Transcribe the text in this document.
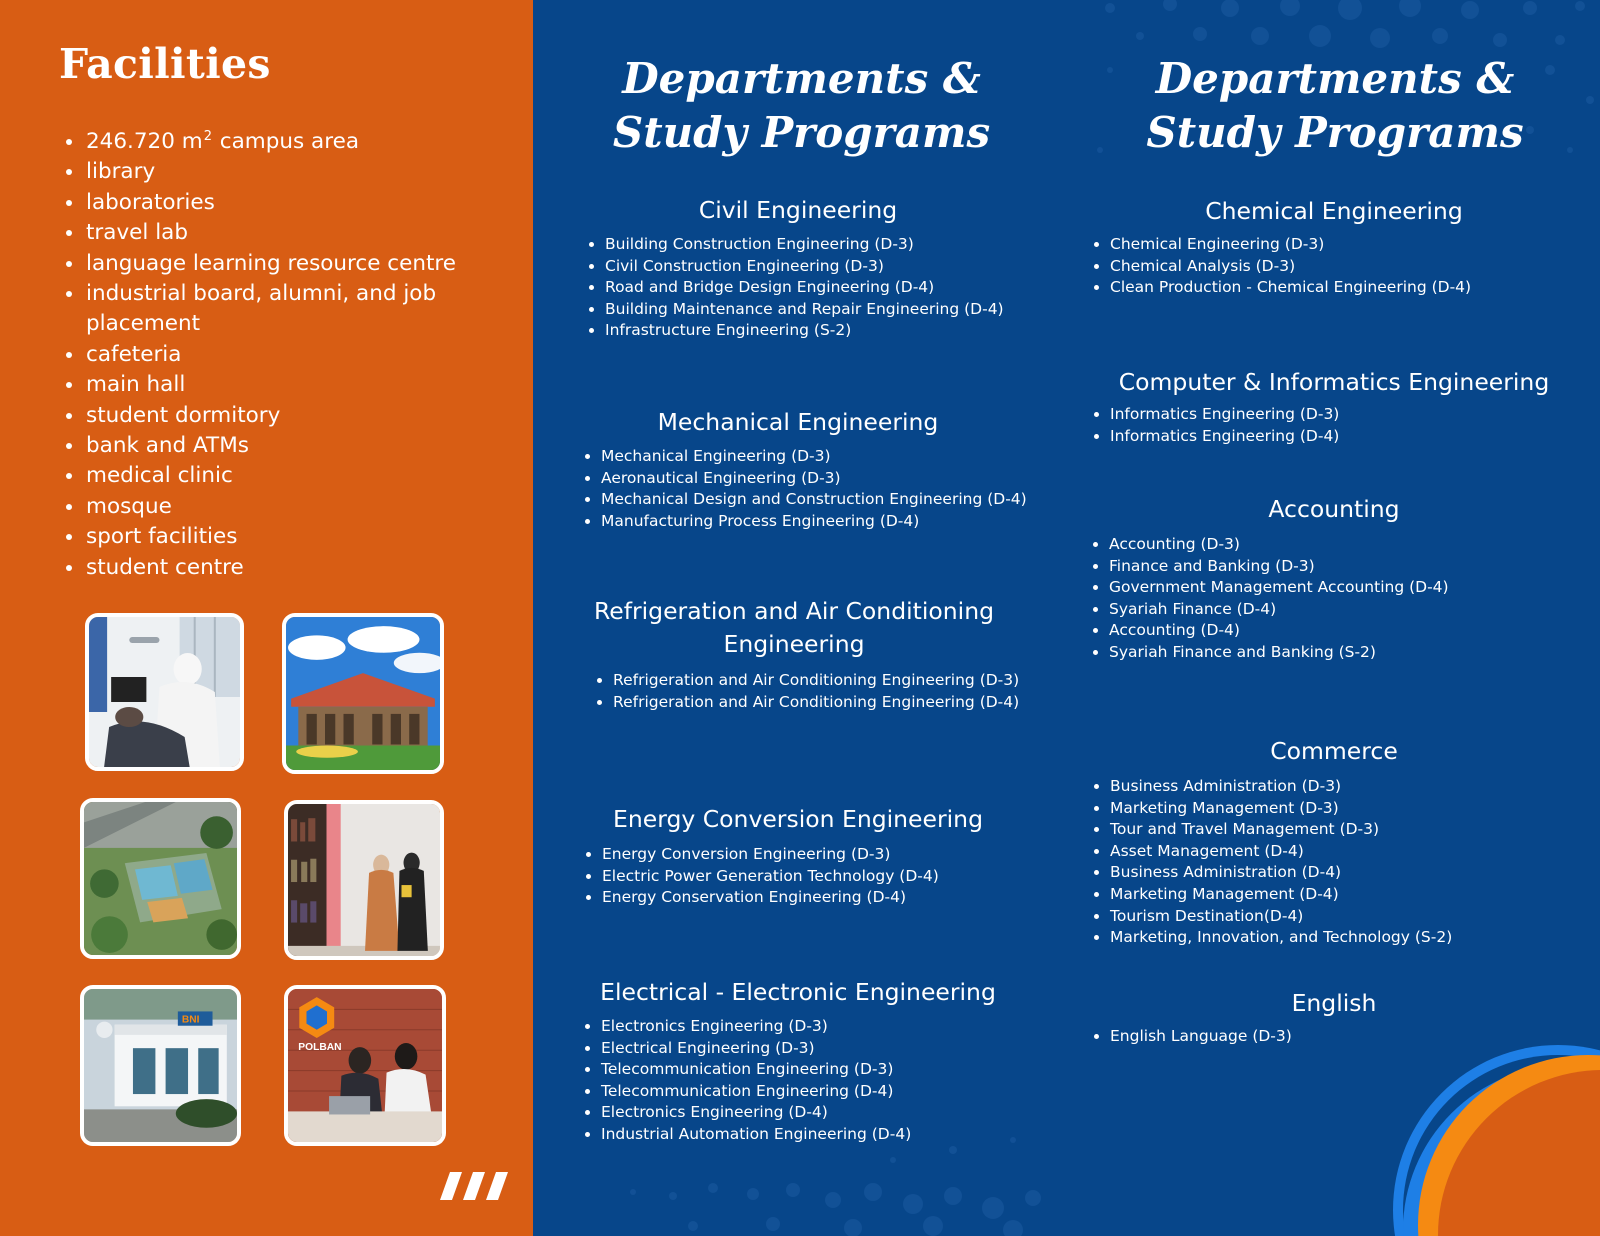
Facilities
• 246.720 $m^2$ campus area
• library
• laboratories
• travel lab
• language learning resource centre
• industrial board, alumni, and job placement
• cafeteria
• main hall
• student dormitory
• bank and ATMs
• medical clinic
• mosque
• sport facilities
• student centre
BNI
POLBAN
Departments &
Study Programs
Civil Engineering
• Building Construction Engineering (D-3)
• Civil Construction Engineering (D-3)
• Road and Bridge Design Engineering (D-4)
• Building Maintenance and Repair Engineering (D-4)
• Infrastructure Engineering (S-2)
Mechanical Engineering
• Mechanical Engineering (D-3)
• Aeronautical Engineering (D-3)
• Mechanical Design and Construction Engineering (D-4)
• Manufacturing Process Engineering (D-4)
Refrigeration and Air Conditioning Engineering
• Refrigeration and Air Conditioning Engineering (D-3)
• Refrigeration and Air Conditioning Engineering (D-4)
Energy Conversion Engineering
• Energy Conversion Engineering (D-3)
• Electric Power Generation Technology (D-4)
• Energy Conservation Engineering (D-4)
Electrical - Electronic Engineering
• Electronics Engineering (D-3)
• Electrical Engineering (D-3)
• Telecommunication Engineering (D-3)
• Telecommunication Engineering (D-4)
• Electronics Engineering (D-4)
• Industrial Automation Engineering (D-4)
Departments &
Study Programs
Chemical Engineering
• Chemical Engineering (D-3)
• Chemical Analysis (D-3)
• Clean Production - Chemical Engineering (D-4)
Computer & Informatics Engineering
• Informatics Engineering (D-3)
• Informatics Engineering (D-4)
Accounting
• Accounting (D-3)
• Finance and Banking (D-3)
• Government Management Accounting (D-4)
• Syariah Finance (D-4)
• Accounting (D-4)
• Syariah Finance and Banking (S-2)
Commerce
• Business Administration (D-3)
• Marketing Management (D-3)
• Tour and Travel Management (D-3)
• Asset Management (D-4)
• Business Administration (D-4)
• Marketing Management (D-4)
• Tourism Destination(D-4)
• Marketing, Innovation, and Technology (S-2)
English
• English Language (D-3)
